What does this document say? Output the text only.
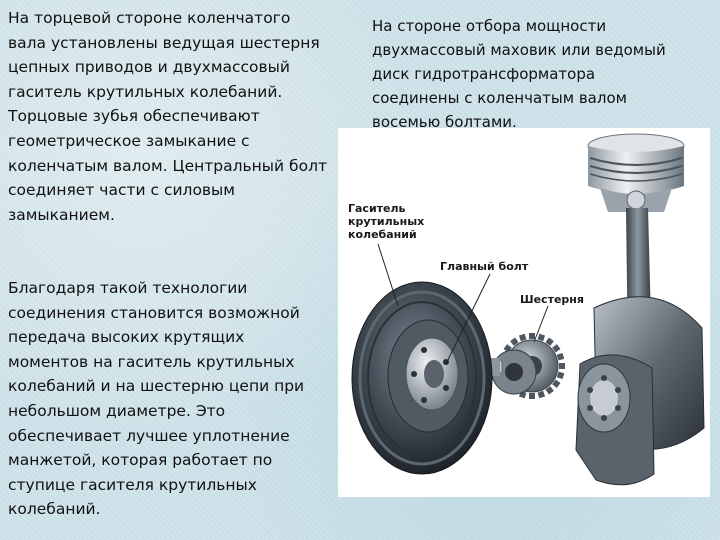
На торцевой стороне коленчатого
вала установлены ведущая шестерня
цепных приводов и двухмассовый
гаситель крутильных колебаний.
Торцовые зубья обеспечивают
геометрическое замыкание с
коленчатым валом. Центральный болт
соединяет части с силовым
замыканием.

Благодаря такой технологии
соединения становится возможной
передача высоких крутящих
моментов на гаситель крутильных
колебаний и на шестерню цепи при
небольшом диаметре. Это
обеспечивает лучшее уплотнение
манжетой, которая работает по
ступице гасителя крутильных
колебаний.

На стороне отбора мощности
двухмассовый маховик или ведомый
диск гидротрансформатора
соединены с коленчатым валом
восемью болтами.

Гаситель
крутильных
колебаний

Главный болт

Шестерня
